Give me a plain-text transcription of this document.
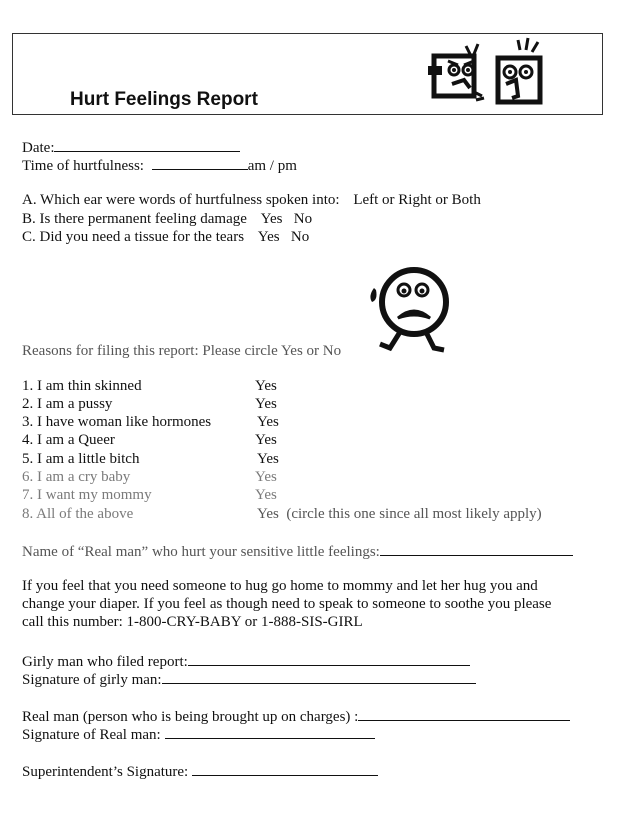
Hurt Feelings Report
Date:
Time of hurtfulness:	am / pm
A. Which ear were words of hurtfulness spoken into: Left or Right or Both
B. Is there permanent feeling damage Yes   No
C. Did you need a tissue for the tears Yes   No
Reasons for filing this report: Please circle Yes or No
1. I am thin skinned	Yes
2. I am a pussy	Yes
3. I have woman like hormones	Yes
4. I am a Queer	Yes
5. I am a little bitch	Yes
6. I am a cry baby	Yes
7. I want my mommy	Yes
8. All of the above	Yes  (circle this one since all most likely apply)
Name of “Real man” who hurt your sensitive little feelings:
If you feel that you need someone to hug go home to mommy and let her hug you and
change your diaper. If you feel as though need to speak to someone to soothe you please
call this number: 1-800-CRY-BABY or 1-888-SIS-GIRL
Girly man who filed report:
Signature of girly man:
Real man (person who is being brought up on charges) :
Signature of Real man:
Superintendent’s Signature:
